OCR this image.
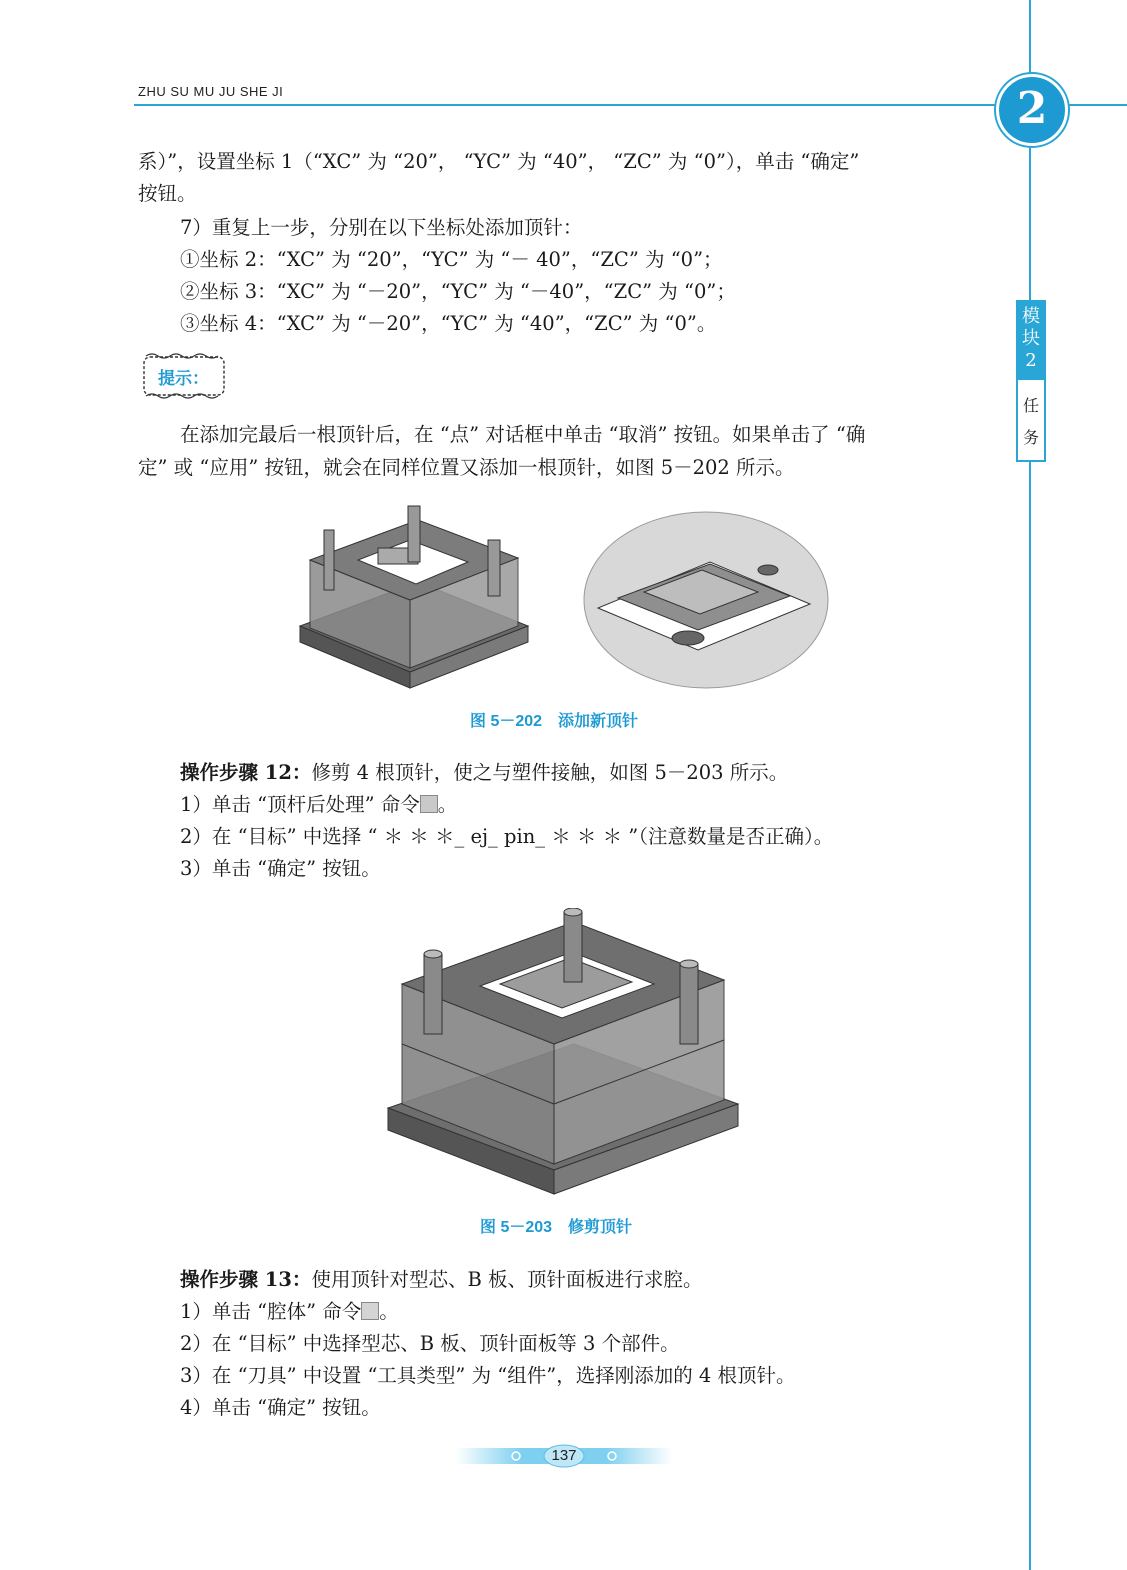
ZHU SU MU JU SHE JI	2
模
块
2
任
务
系）”，设置坐标 1（“XC” 为 “20”， “YC” 为 “40”， “ZC” 为 “0”），单击 “确定”
按钮。
7）重复上一步，分别在以下坐标处添加顶针：
①坐标 2：“XC” 为 “20”，“YC” 为 “－ 40”，“ZC” 为 “0”；
②坐标 3：“XC” 为 “－20”，“YC” 为 “－40”，“ZC” 为 “0”；
③坐标 4：“XC” 为 “－20”，“YC” 为 “40”，“ZC” 为 “0”。
提示：
在添加完最后一根顶针后，在 “点” 对话框中单击 “取消” 按钮。如果单击了 “确
定” 或 “应用” 按钮，就会在同样位置又添加一根顶针，如图 5－202 所示。
图 5－202　添加新顶针
操作步骤 12：修剪 4 根顶针，使之与塑件接触，如图 5－203 所示。
1）单击 “顶杆后处理” 命令 。
2）在 “目标” 中选择 “ ＊ ＊ ＊_ ej_ pin_ ＊ ＊ ＊ ”（注意数量是否正确）。
3）单击 “确定” 按钮。
图 5－203　修剪顶针
操作步骤 13：使用顶针对型芯、B 板、顶针面板进行求腔。
1）单击 “腔体” 命令 。
2）在 “目标” 中选择型芯、B 板、顶针面板等 3 个部件。
3）在 “刀具” 中设置 “工具类型” 为 “组件”，选择刚添加的 4 根顶针。
4）单击 “确定” 按钮。
137
